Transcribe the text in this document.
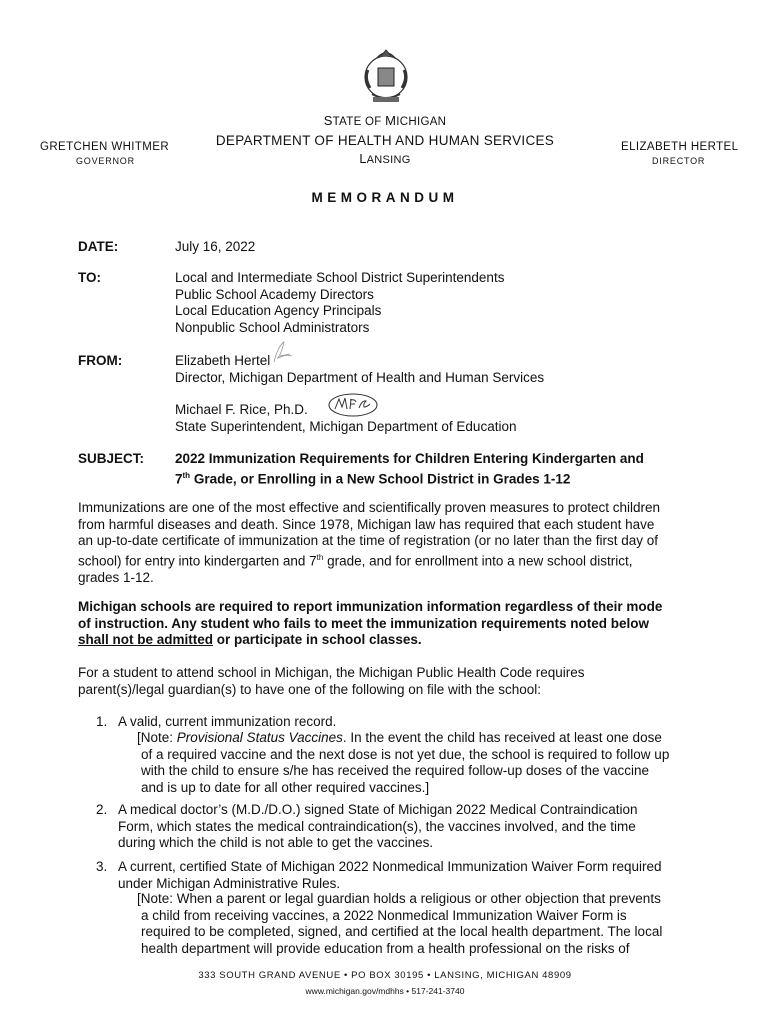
STATE OF MICHIGAN
DEPARTMENT OF HEALTH AND HUMAN SERVICES
LANSING
GRETCHEN WHITMER
GOVERNOR
ELIZABETH HERTEL
DIRECTOR
MEMORANDUM
DATE:	July 16, 2022
TO:	Local and Intermediate School District Superintendents
Public School Academy Directors
Local Education Agency Principals
Nonpublic School Administrators
FROM:	Elizabeth Hertel
Director, Michigan Department of Health and Human Services
Michael F. Rice, Ph.D.
State Superintendent, Michigan Department of Education
SUBJECT: 2022 Immunization Requirements for Children Entering Kindergarten and
7th Grade, or Enrolling in a New School District in Grades 1-12
Immunizations are one of the most effective and scientifically proven measures to protect children
from harmful diseases and death. Since 1978, Michigan law has required that each student have
an up-to-date certificate of immunization at the time of registration (or no later than the first day of
school) for entry into kindergarten and 7th grade, and for enrollment into a new school district,
grades 1-12.
Michigan schools are required to report immunization information regardless of their mode
of instruction. Any student who fails to meet the immunization requirements noted below
shall not be admitted or participate in school classes.
For a student to attend school in Michigan, the Michigan Public Health Code requires
parent(s)/legal guardian(s) to have one of the following on file with the school:
1. A valid, current immunization record.
[Note: Provisional Status Vaccines. In the event the child has received at least one dose
of a required vaccine and the next dose is not yet due, the school is required to follow up
with the child to ensure s/he has received the required follow-up doses of the vaccine
and is up to date for all other required vaccines.]
2. A medical doctor’s (M.D./D.O.) signed State of Michigan 2022 Medical Contraindication
Form, which states the medical contraindication(s), the vaccines involved, and the time
during which the child is not able to get the vaccines.
3. A current, certified State of Michigan 2022 Nonmedical Immunization Waiver Form required
under Michigan Administrative Rules.
[Note: When a parent or legal guardian holds a religious or other objection that prevents
a child from receiving vaccines, a 2022 Nonmedical Immunization Waiver Form is
required to be completed, signed, and certified at the local health department. The local
health department will provide education from a health professional on the risks of
333 SOUTH GRAND AVENUE • PO BOX 30195 • LANSING, MICHIGAN 48909
www.michigan.gov/mdhhs • 517-241-3740
